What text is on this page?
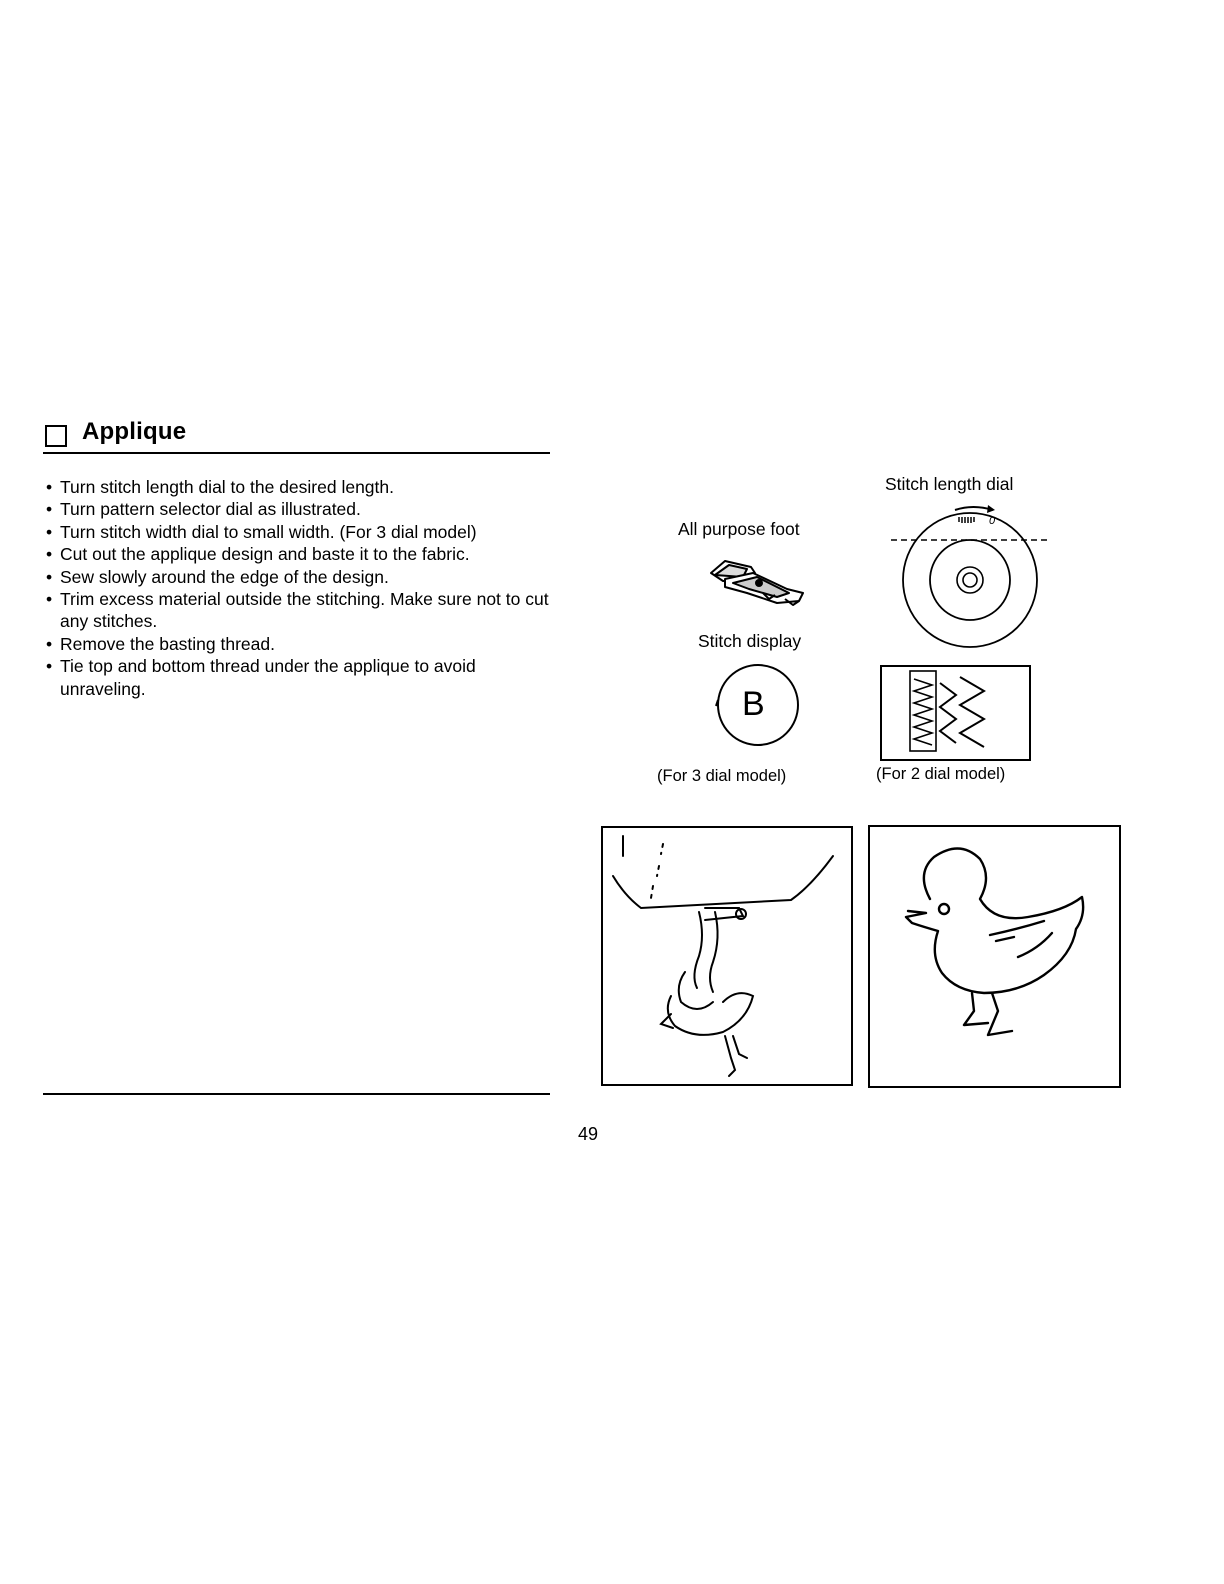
Applique
• Turn stitch length dial to the desired length.
• Turn pattern selector dial as illustrated.
• Turn stitch width dial to small width. (For 3 dial model)
• Cut out the applique design and baste it to the fabric.
• Sew slowly around the edge of the design.
• Trim excess material outside the stitching. Make sure not to cut any stitches.
• Remove the basting thread.
• Tie top and bottom thread under the applique to avoid unraveling.
Stitch length dial
0
All purpose foot
Stitch display
B
(For 3 dial model)	(For 2 dial model)
49
